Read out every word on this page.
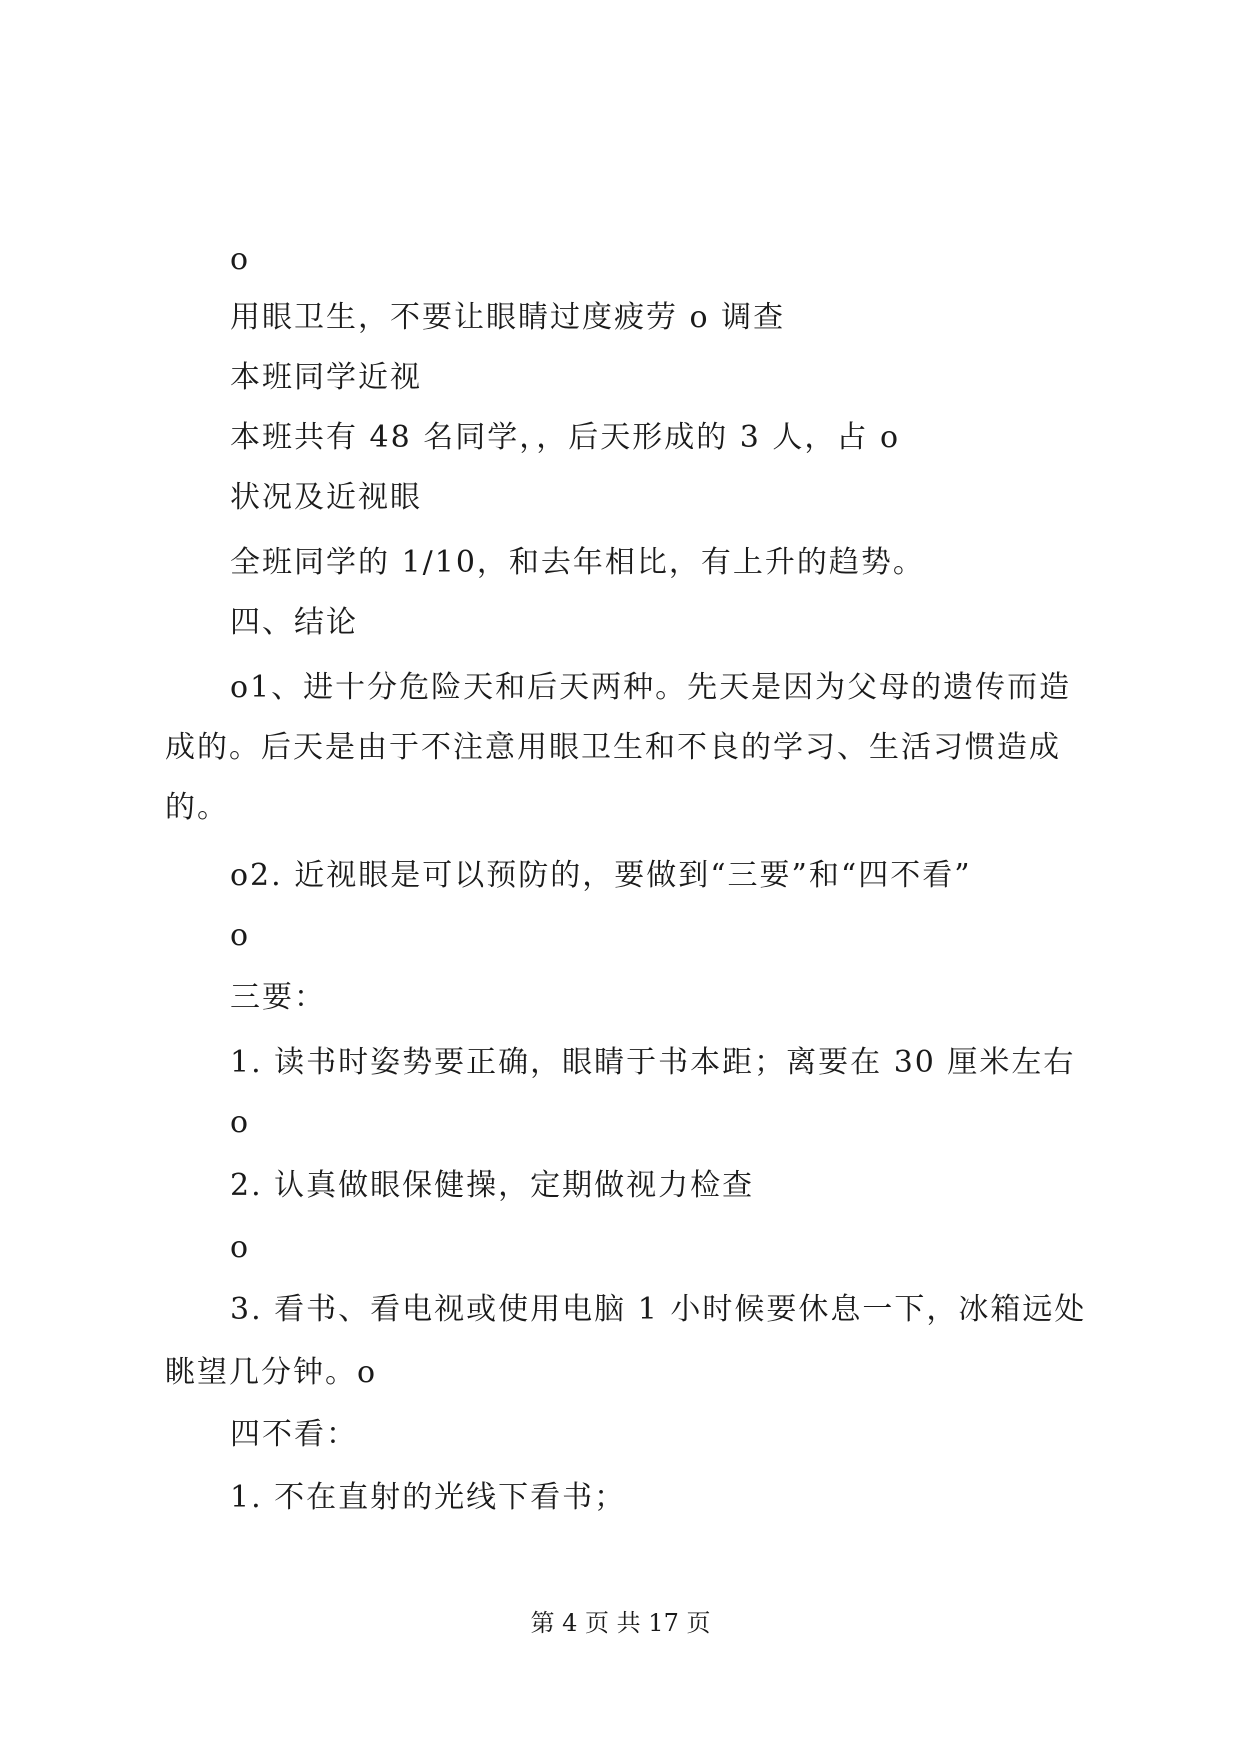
o
用眼卫生，不要让眼睛过度疲劳 o 调查
本班同学近视
本班共有 48 名同学，，后天形成的 3 人，占 o
状况及近视眼
全班同学的 1/10，和去年相比，有上升的趋势。
四、结论
o1、进十分危险天和后天两种。先天是因为父母的遗传而造
成的。后天是由于不注意用眼卫生和不良的学习、生活习惯造成
的。
o2. 近视眼是可以预防的，要做到“三要”和“四不看”
o
三要：
1. 读书时姿势要正确，眼睛于书本距；离要在 30 厘米左右
o
2. 认真做眼保健操，定期做视力检查
o
3. 看书、看电视或使用电脑 1 小时候要休息一下，冰箱远处
眺望几分钟。o
四不看：
1. 不在直射的光线下看书；
第 4 页 共 17 页
